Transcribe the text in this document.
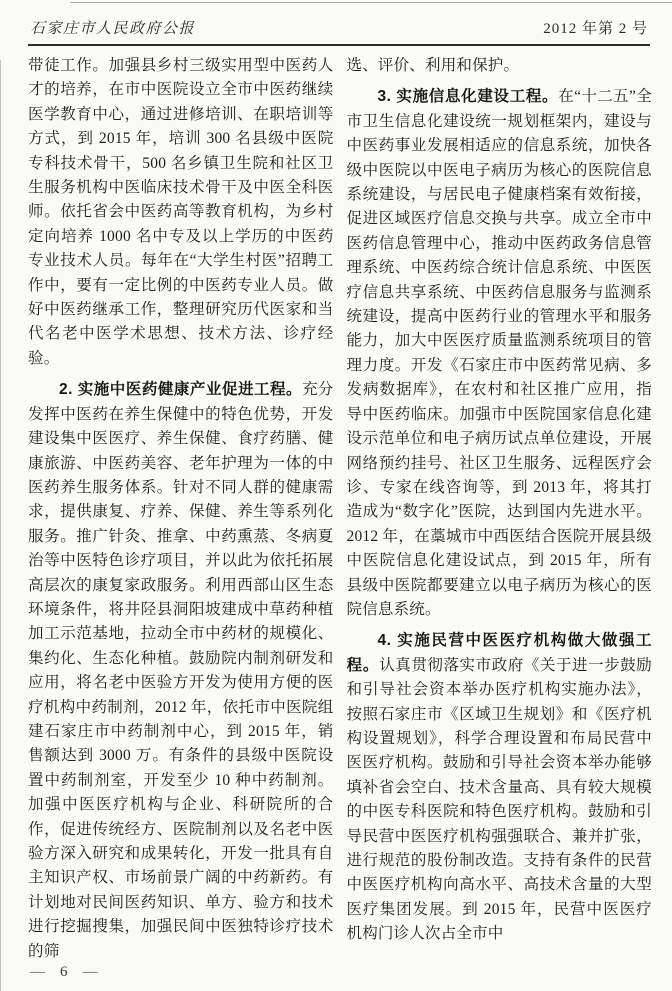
石家庄市人民政府公报	2012 年第 2 号

带徒工作。加强县乡村三级实用型中医药人才的培养，在市中医院设立全市中医药继续医学教育中心，通过进修培训、在职培训等方式，到 2015 年，培训 300 名县级中医院专科技术骨干，500 名乡镇卫生院和社区卫生服务机构中医临床技术骨干及中医全科医师。依托省会中医药高等教育机构，为乡村定向培养 1000 名中专及以上学历的中医药专业技术人员。每年在“大学生村医”招聘工作中，要有一定比例的中医药专业人员。做好中医药继承工作，整理研究历代医家和当代名老中医学术思想、技术方法、诊疗经验。

2. 实施中医药健康产业促进工程。充分发挥中医药在养生保健中的特色优势，开发建设集中医医疗、养生保健、食疗药膳、健康旅游、中医药美容、老年护理为一体的中医药养生服务体系。针对不同人群的健康需求，提供康复、疗养、保健、养生等系列化服务。推广针灸、推拿、中药熏蒸、冬病夏治等中医特色诊疗项目，并以此为依托拓展高层次的康复家政服务。利用西部山区生态环境条件，将井陉县洞阳坡建成中草药种植加工示范基地，拉动全市中药材的规模化、集约化、生态化种植。鼓励院内制剂研发和应用，将名老中医验方开发为使用方便的医疗机构中药制剂，2012 年，依托市中医院组建石家庄市中药制剂中心，到 2015 年，销售额达到 3000 万。有条件的县级中医院设置中药制剂室，开发至少 10 种中药制剂。加强中医医疗机构与企业、科研院所的合作，促进传统经方、医院制剂以及名老中医验方深入研究和成果转化，开发一批具有自主知识产权、市场前景广阔的中药新药。有计划地对民间医药知识、单方、验方和技术进行挖掘搜集，加强民间中医独特诊疗技术的筛

选、评价、利用和保护。

3. 实施信息化建设工程。在“十二五”全市卫生信息化建设统一规划框架内，建设与中医药事业发展相适应的信息系统，加快各级中医院以中医电子病历为核心的医院信息系统建设，与居民电子健康档案有效衔接，促进区域医疗信息交换与共享。成立全市中医药信息管理中心，推动中医药政务信息管理系统、中医药综合统计信息系统、中医医疗信息共享系统、中医药信息服务与监测系统建设，提高中医药行业的管理水平和服务能力，加大中医医疗质量监测系统项目的管理力度。开发《石家庄市中医药常见病、多发病数据库》，在农村和社区推广应用，指导中医药临床。加强市中医院国家信息化建设示范单位和电子病历试点单位建设，开展网络预约挂号、社区卫生服务、远程医疗会诊、专家在线咨询等，到 2013 年，将其打造成为“数字化”医院，达到国内先进水平。2012 年，在藁城市中西医结合医院开展县级中医院信息化建设试点，到 2015 年，所有县级中医院都要建立以电子病历为核心的医院信息系统。

4. 实施民营中医医疗机构做大做强工程。认真贯彻落实市政府《关于进一步鼓励和引导社会资本举办医疗机构实施办法》，按照石家庄市《区域卫生规划》和《医疗机构设置规划》，科学合理设置和布局民营中医医疗机构。鼓励和引导社会资本举办能够填补省会空白、技术含量高、具有较大规模的中医专科医院和特色医疗机构。鼓励和引导民营中医医疗机构强强联合、兼并扩张，进行规范的股份制改造。支持有条件的民营中医医疗机构向高水平、高技术含量的大型医疗集团发展。到 2015 年，民营中医医疗机构门诊人次占全市中

— 6 —
